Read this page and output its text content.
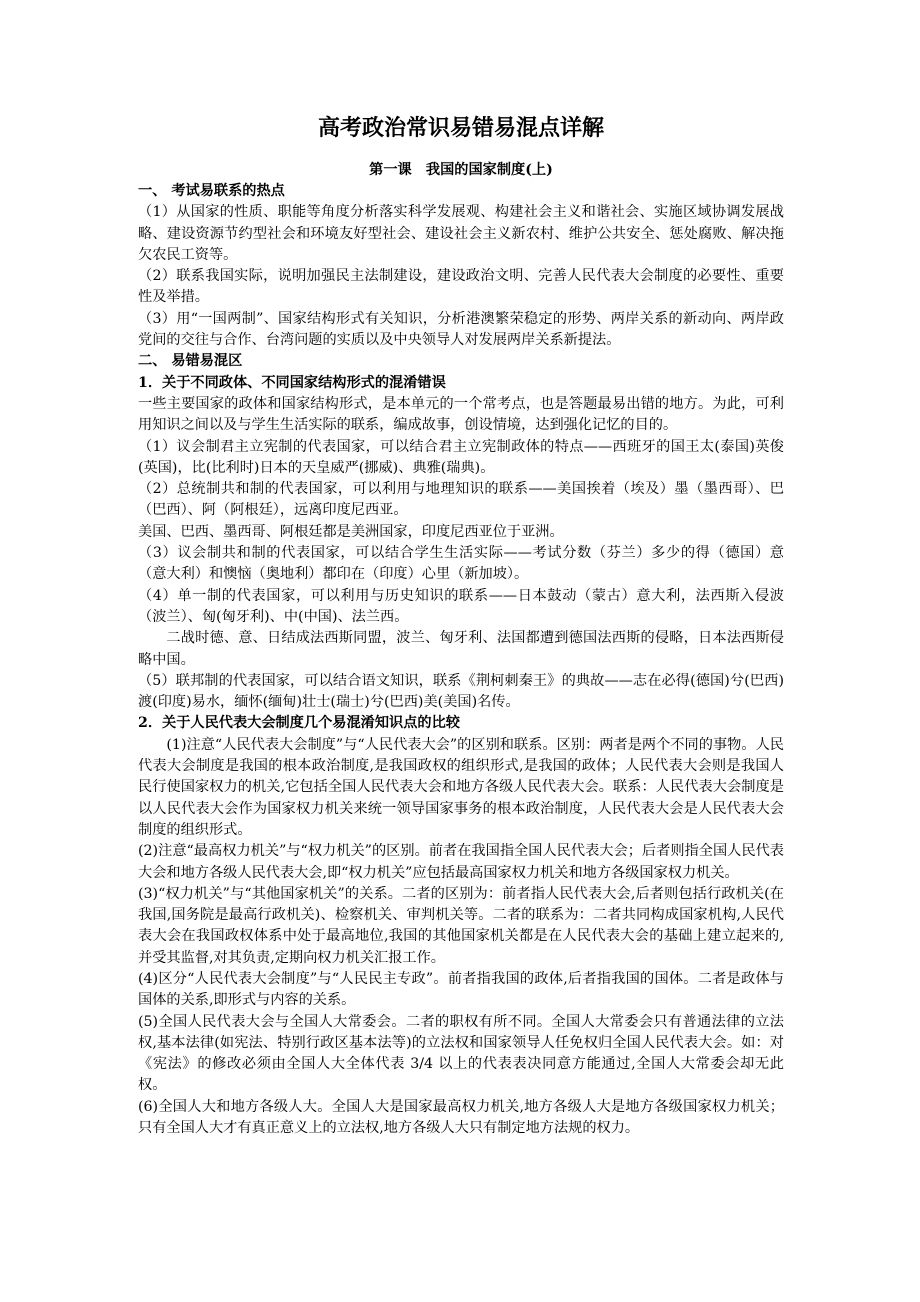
高考政治常识易错易混点详解
第一课　我国的国家制度(上)
一、 考试易联系的热点
（1）从国家的性质、职能等角度分析落实科学发展观、构建社会主义和谐社会、实施区域协调发展战略、建设资源节约型社会和环境友好型社会、建设社会主义新农村、维护公共安全、惩处腐败、解决拖欠农民工资等。
（2）联系我国实际，说明加强民主法制建设，建设政治文明、完善人民代表大会制度的必要性、重要性及举措。
（3）用“一国两制”、国家结构形式有关知识，分析港澳繁荣稳定的形势、两岸关系的新动向、两岸政党间的交往与合作、台湾问题的实质以及中央领导人对发展两岸关系新提法。
二、 易错易混区
1．关于不同政体、不同国家结构形式的混淆错误
一些主要国家的政体和国家结构形式，是本单元的一个常考点，也是答题最易出错的地方。为此，可利用知识之间以及与学生生活实际的联系，编成故事，创设情境，达到强化记忆的目的。
（1）议会制君主立宪制的代表国家，可以结合君主立宪制政体的特点——西班牙的国王太(泰国)英俊(英国)，比(比利时)日本的天皇威严(挪威)、典雅(瑞典)。
（2）总统制共和制的代表国家，可以利用与地理知识的联系——美国挨着（埃及）墨（墨西哥）、巴（巴西）、阿（阿根廷），远离印度尼西亚。
美国、巴西、墨西哥、阿根廷都是美洲国家，印度尼西亚位于亚洲。
（3）议会制共和制的代表国家，可以结合学生生活实际——考试分数（芬兰）多少的得（德国）意（意大利）和懊恼（奥地利）都印在（印度）心里（新加坡）。
（4）单一制的代表国家，可以利用与历史知识的联系——日本鼓动（蒙古）意大利，法西斯入侵波（波兰）、匈(匈牙利)、中(中国)、法兰西。
二战时德、意、日结成法西斯同盟，波兰、匈牙利、法国都遭到德国法西斯的侵略，日本法西斯侵略中国。
（5）联邦制的代表国家，可以结合语文知识，联系《荆柯刺秦王》的典故——志在必得(德国)兮(巴西)渡(印度)易水，缅怀(缅甸)壮士(瑞士)兮(巴西)美(美国)名传。
2．关于人民代表大会制度几个易混淆知识点的比较
(1)注意“人民代表大会制度”与“人民代表大会”的区别和联系。区别：两者是两个不同的事物。人民代表大会制度是我国的根本政治制度,是我国政权的组织形式,是我国的政体；人民代表大会则是我国人民行使国家权力的机关,它包括全国人民代表大会和地方各级人民代表大会。联系：人民代表大会制度是以人民代表大会作为国家权力机关来统一领导国家事务的根本政治制度，人民代表大会是人民代表大会制度的组织形式。
(2)注意“最高权力机关”与“权力机关”的区别。前者在我国指全国人民代表大会；后者则指全国人民代表大会和地方各级人民代表大会,即“权力机关”应包括最高国家权力机关和地方各级国家权力机关。
(3)“权力机关”与“其他国家机关”的关系。二者的区别为：前者指人民代表大会,后者则包括行政机关(在我国,国务院是最高行政机关)、检察机关、审判机关等。二者的联系为：二者共同构成国家机构,人民代表大会在我国政权体系中处于最高地位,我国的其他国家机关都是在人民代表大会的基础上建立起来的,并受其监督,对其负责,定期向权力机关汇报工作。
(4)区分“人民代表大会制度”与“人民民主专政”。前者指我国的政体,后者指我国的国体。二者是政体与国体的关系,即形式与内容的关系。
(5)全国人民代表大会与全国人大常委会。二者的职权有所不同。全国人大常委会只有普通法律的立法权,基本法律(如宪法、特别行政区基本法等)的立法权和国家领导人任免权归全国人民代表大会。如：对《宪法》的修改必须由全国人大全体代表 3/4 以上的代表表决同意方能通过,全国人大常委会却无此权。
(6)全国人大和地方各级人大。全国人大是国家最高权力机关,地方各级人大是地方各级国家权力机关；只有全国人大才有真正意义上的立法权,地方各级人大只有制定地方法规的权力。
